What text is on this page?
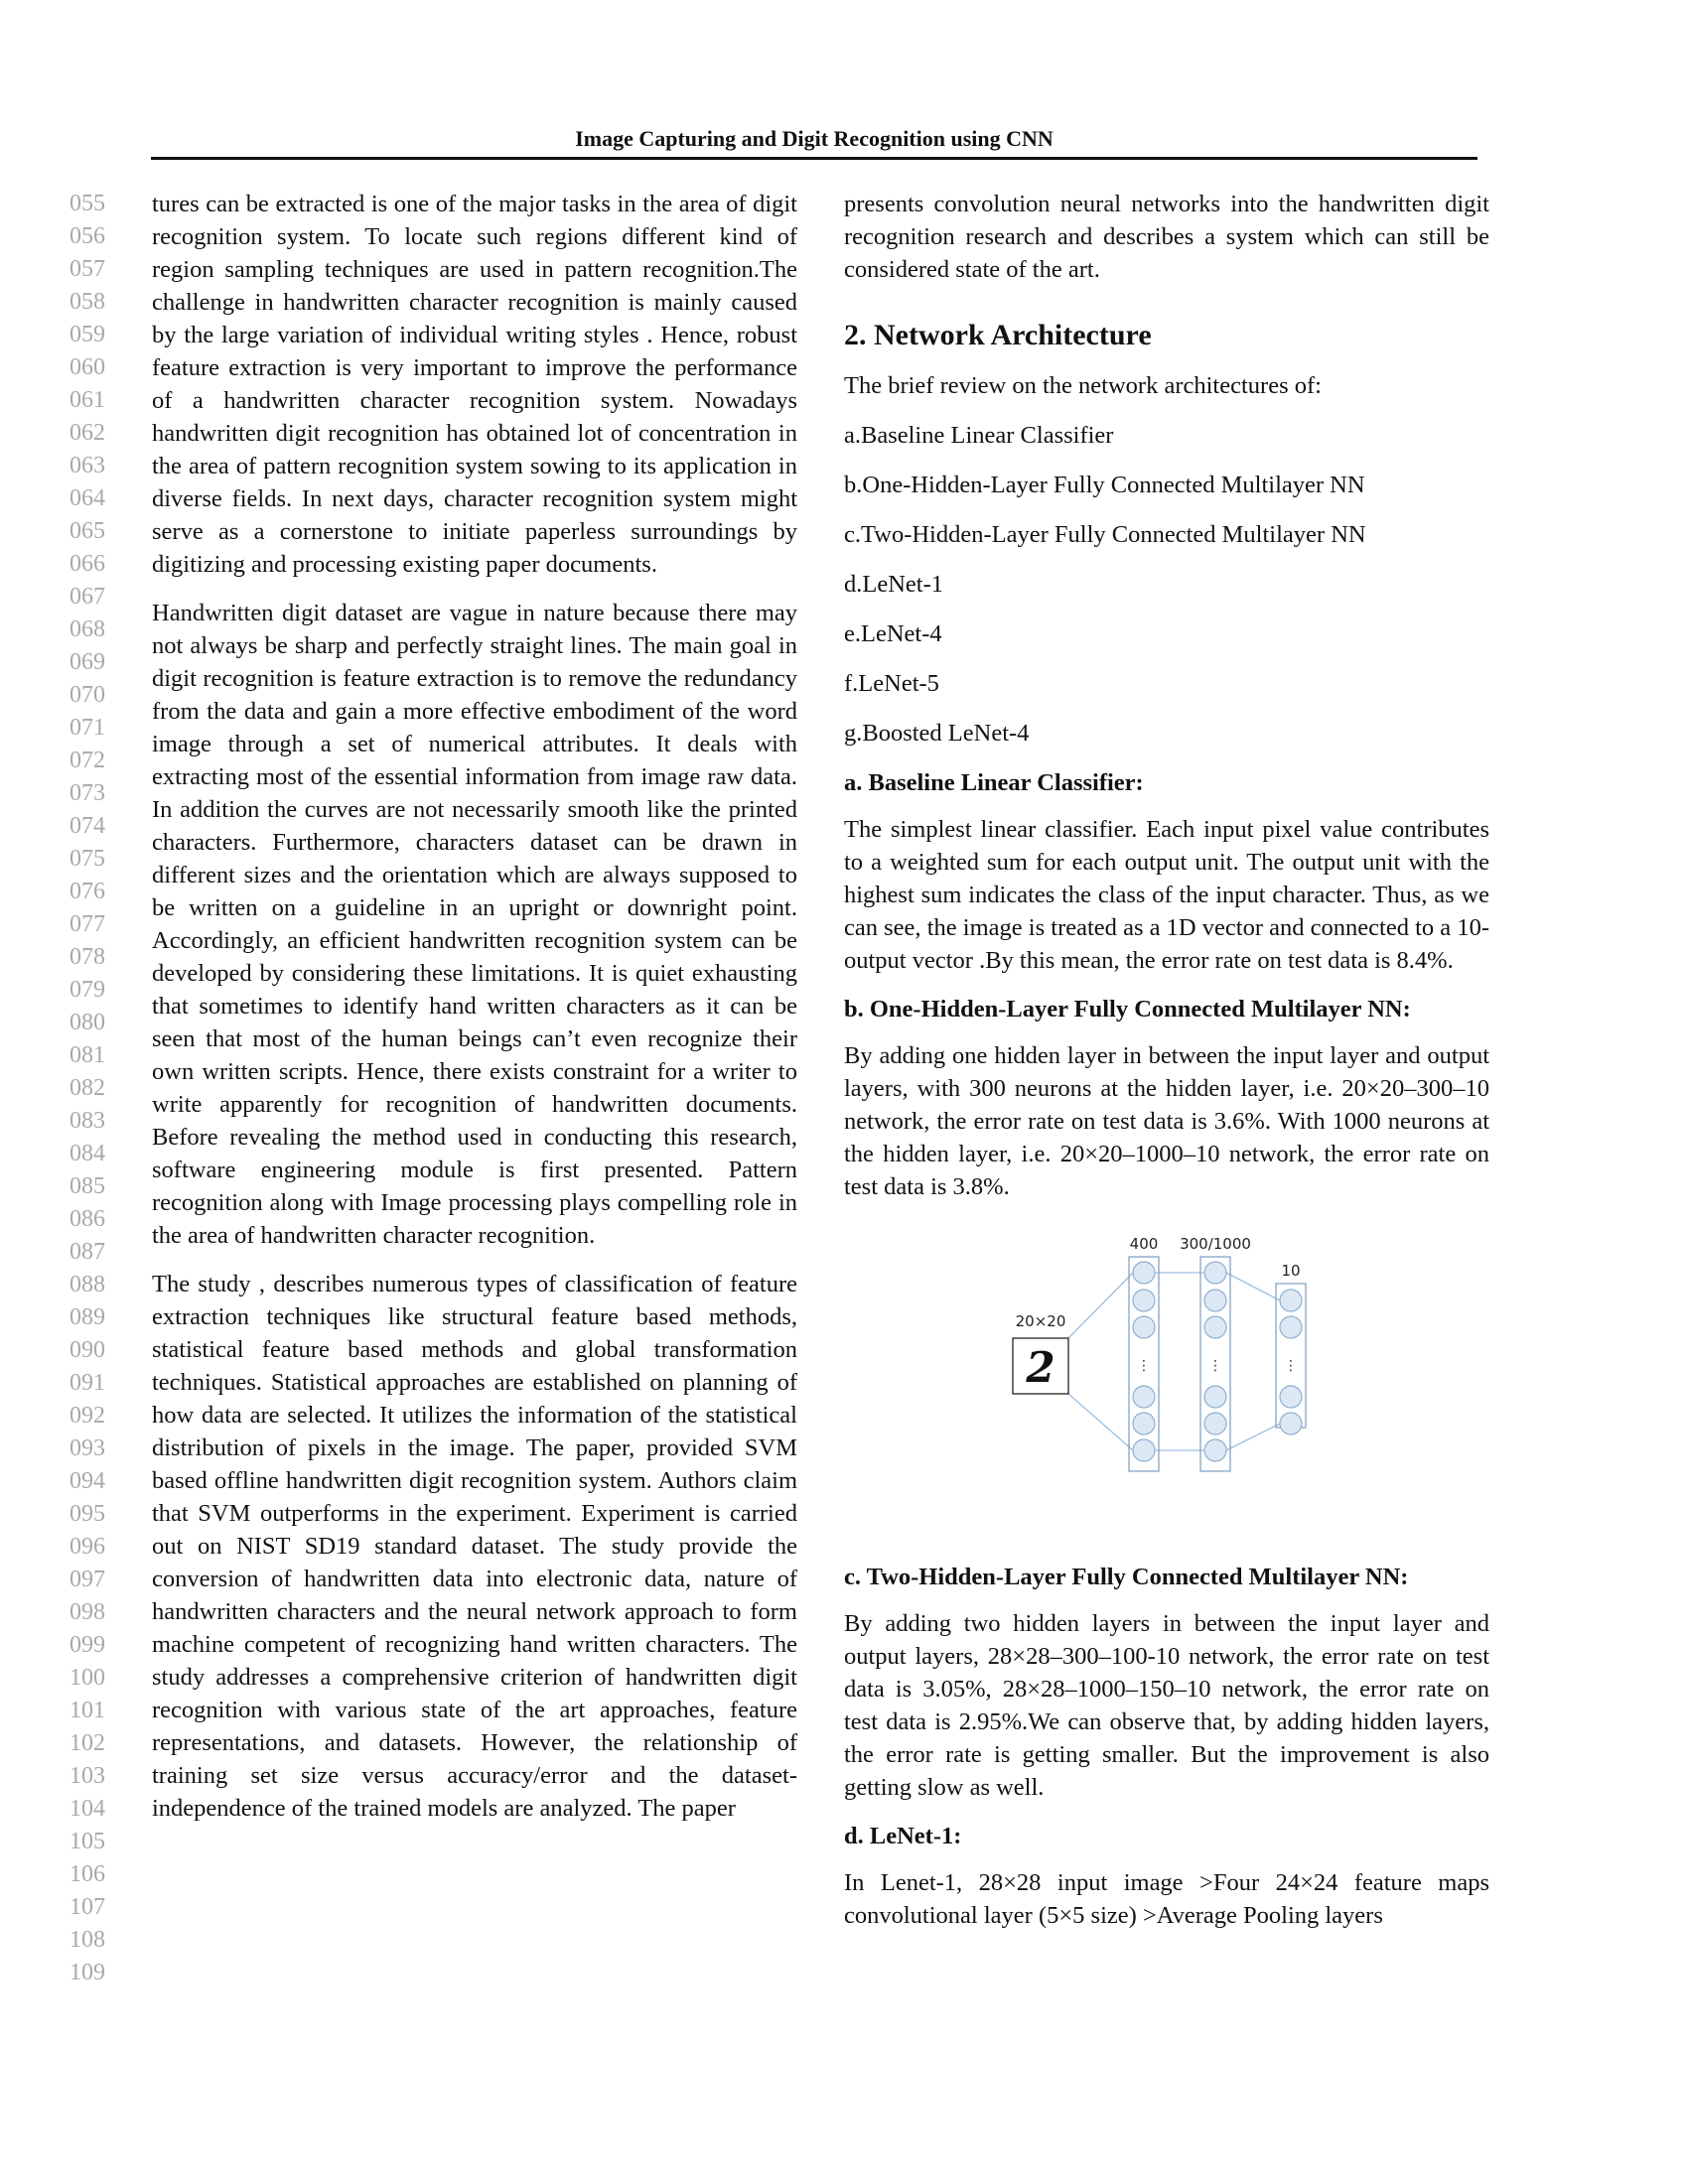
Image Capturing and Digit Recognition using CNN
055
056
057
058
059
060
061
062
063
064
065
066
067
068
069
070
071
072
073
074
075
076
077
078
079
080
081
082
083
084
085
086
087
088
089
090
091
092
093
094
095
096
097
098
099
100
101
102
103
104
105
106
107
108
109

tures can be extracted is one of the major tasks in the area of digit recognition system. To locate such regions different kind of region sampling techniques are used in pattern recognition.The challenge in handwritten character recognition is mainly caused by the large variation of individual writing styles . Hence, robust feature extraction is very important to improve the performance of a handwritten character recognition system. Nowadays handwritten digit recognition has obtained lot of concentration in the area of pattern recognition system sowing to its application in diverse fields. In next days, character recognition system might serve as a cornerstone to initiate paperless surroundings by digitizing and processing existing paper documents.

Handwritten digit dataset are vague in nature because there may not always be sharp and perfectly straight lines. The main goal in digit recognition is feature extraction is to remove the redundancy from the data and gain a more effective embodiment of the word image through a set of numerical attributes. It deals with extracting most of the essential information from image raw data. In addition the curves are not necessarily smooth like the printed characters. Furthermore, characters dataset can be drawn in different sizes and the orientation which are always supposed to be written on a guideline in an upright or downright point. Accordingly, an efficient handwritten recognition system can be developed by considering these limitations. It is quiet exhausting that sometimes to identify hand written characters as it can be seen that most of the human beings can’t even recognize their own written scripts. Hence, there exists constraint for a writer to write apparently for recognition of handwritten documents. Before revealing the method used in conducting this research, software engineering module is first presented. Pattern recognition along with Image processing plays compelling role in the area of handwritten character recognition.

The study , describes numerous types of classification of feature extraction techniques like structural feature based methods, statistical feature based methods and global transformation techniques. Statistical approaches are established on planning of how data are selected. It utilizes the information of the statistical distribution of pixels in the image. The paper, provided SVM based offline handwritten digit recognition system. Authors claim that SVM outperforms in the experiment. Experiment is carried out on NIST SD19 standard dataset. The study provide the conversion of handwritten data into electronic data, nature of handwritten characters and the neural network approach to form machine competent of recognizing hand written characters. The study addresses a comprehensive criterion of handwritten digit recognition with various state of the art approaches, feature representations, and datasets. However, the relationship of training set size versus accuracy/error and the dataset-independence of the trained models are analyzed. The paper

presents convolution neural networks into the handwritten digit recognition research and describes a system which can still be considered state of the art.

2. Network Architecture

The brief review on the network architectures of:

a.Baseline Linear Classifier

b.One-Hidden-Layer Fully Connected Multilayer NN

c.Two-Hidden-Layer Fully Connected Multilayer NN

d.LeNet-1

e.LeNet-4

f.LeNet-5

g.Boosted LeNet-4

a. Baseline Linear Classifier:

The simplest linear classifier. Each input pixel value contributes to a weighted sum for each output unit. The output unit with the highest sum indicates the class of the input character. Thus, as we can see, the image is treated as a 1D vector and connected to a 10-output vector .By this mean, the error rate on test data is 8.4%.

b. One-Hidden-Layer Fully Connected Multilayer NN:

By adding one hidden layer in between the input layer and output layers, with 300 neurons at the hidden layer, i.e. 20×20–300–10 network, the error rate on test data is 3.6%. With 1000 neurons at the hidden layer, i.e. 20×20–1000–10 network, the error rate on test data is 3.8%.

2
20×20
400
⋮
300/1000
⋮
10
⋮
c. Two-Hidden-Layer Fully Connected Multilayer NN:

By adding two hidden layers in between the input layer and output layers, 28×28–300–100-10 network, the error rate on test data is 3.05%, 28×28–1000–150–10 network, the error rate on test data is 2.95%.We can observe that, by adding hidden layers, the error rate is getting smaller. But the improvement is also getting slow as well.

d. LeNet-1:

In Lenet-1, 28×28 input image >Four 24×24 feature maps convolutional layer (5×5 size) >Average Pooling layers
